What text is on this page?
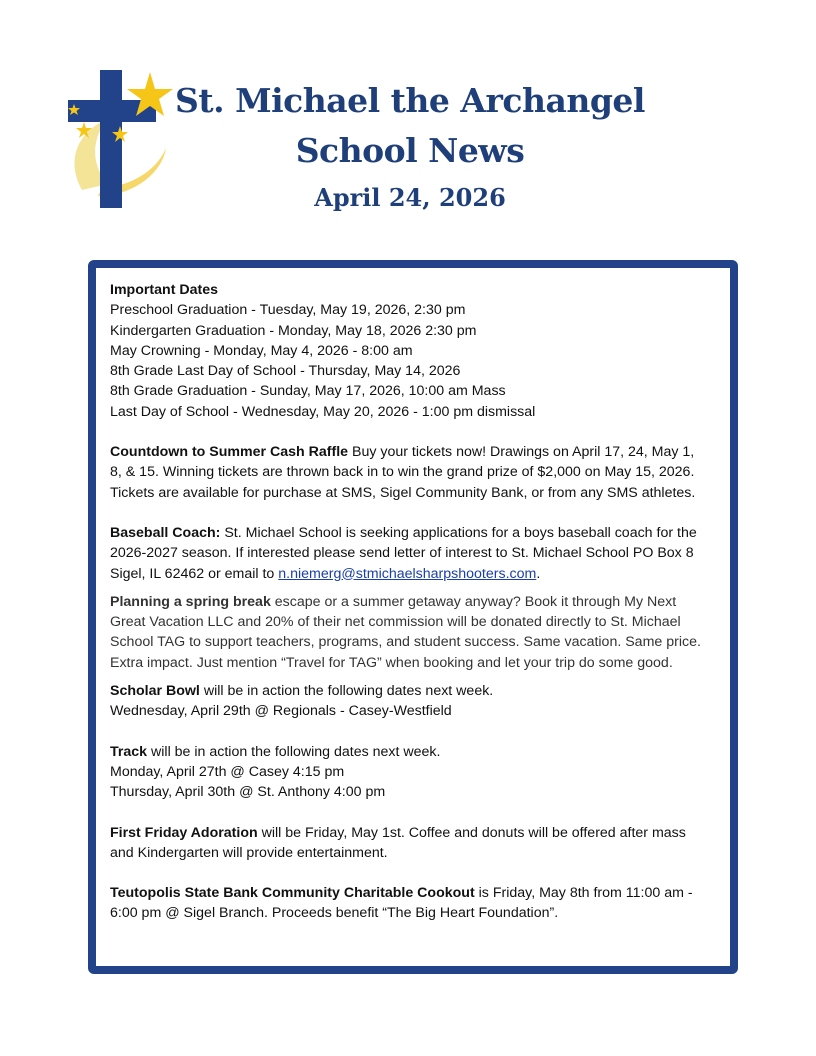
St. Michael the Archangel
School News
April 24, 2026

Important Dates

Preschool Graduation - Tuesday, May 19, 2026, 2:30 pm

Kindergarten Graduation - Monday, May 18, 2026 2:30 pm

May Crowning - Monday, May 4, 2026 - 8:00 am

8th Grade Last Day of School - Thursday, May 14, 2026

8th Grade Graduation - Sunday, May 17, 2026, 10:00 am Mass

Last Day of School - Wednesday, May 20, 2026 - 1:00 pm dismissal

Countdown to Summer Cash Raffle Buy your tickets now! Drawings on April 17, 24, May 1,

8, & 15. Winning tickets are thrown back in to win the grand prize of $2,000 on May 15, 2026.

Tickets are available for purchase at SMS, Sigel Community Bank, or from any SMS athletes.

Baseball Coach: St. Michael School is seeking applications for a boys baseball coach for the

2026-2027 season. If interested please send letter of interest to St. Michael School PO Box 8

Sigel, IL 62462 or email to n.niemerg@stmichaelsharpshooters.com.

Planning a spring break escape or a summer getaway anyway? Book it through My Next

Great Vacation LLC and 20% of their net commission will be donated directly to St. Michael

School TAG to support teachers, programs, and student success. Same vacation. Same price.

Extra impact. Just mention “Travel for TAG” when booking and let your trip do some good.

Scholar Bowl will be in action the following dates next week.

Wednesday, April 29th @ Regionals - Casey-Westfield

Track will be in action the following dates next week.

Monday, April 27th @ Casey 4:15 pm

Thursday, April 30th @ St. Anthony 4:00 pm

First Friday Adoration will be Friday, May 1st. Coffee and donuts will be offered after mass

and Kindergarten will provide entertainment.

Teutopolis State Bank Community Charitable Cookout is Friday, May 8th from 11:00 am -

6:00 pm @ Sigel Branch. Proceeds benefit “The Big Heart Foundation”.
